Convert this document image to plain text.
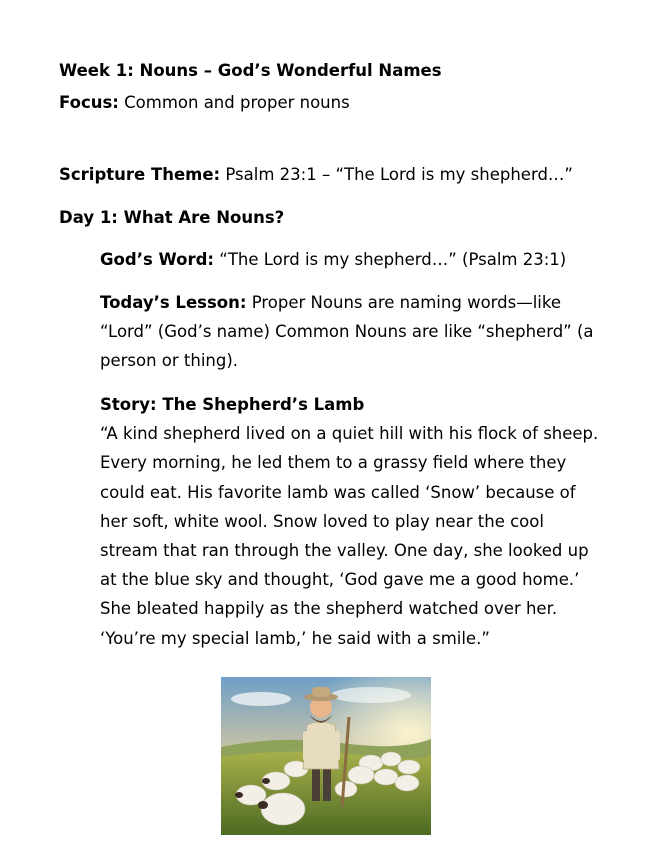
Week 1: Nouns – God’s Wonderful Names
Focus: Common and proper nouns
Scripture Theme: Psalm 23:1 – “The Lord is my shepherd…”
Day 1: What Are Nouns?
God’s Word: “The Lord is my shepherd…” (Psalm 23:1)
Today’s Lesson: Proper Nouns are naming words—like “Lord” (God’s name) Common Nouns are like “shepherd” (a person or thing).
Story: The Shepherd’s Lamb
“A kind shepherd lived on a quiet hill with his flock of sheep. Every morning, he led them to a grassy field where they could eat. His favorite lamb was called ‘Snow’ because of her soft, white wool. Snow loved to play near the cool stream that ran through the valley. One day, she looked up at the blue sky and thought, ‘God gave me a good home.’ She bleated happily as the shepherd watched over her. ‘You’re my special lamb,’ he said with a smile.”
